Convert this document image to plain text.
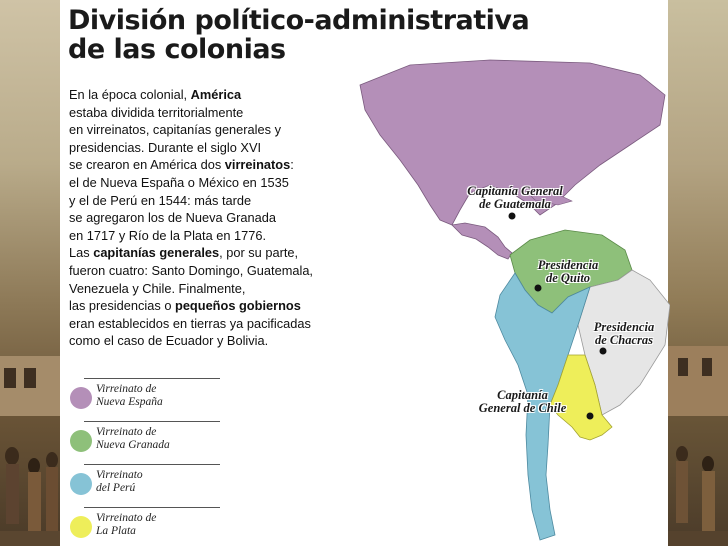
División político-administrativa
de las colonias

En la época colonial, América

estaba dividida territorialmente

en virreinatos, capitanías generales y

presidencias. Durante el siglo XVI

se crearon en América dos virreinatos:

el de Nueva España o México en 1535

y el de Perú en 1544: más tarde

se agregaron los de Nueva Granada

en 1717 y Río de la Plata en 1776.

Las capitanías generales, por su parte,

fueron cuatro: Santo Domingo, Guatemala,

Venezuela y Chile. Finalmente,

las presidencias o pequeños gobiernos

eran establecidos en tierras ya pacificadas

como el caso de Ecuador y Bolivia.

Virreinato de
Nueva España
Virreinato de
Nueva Granada
Virreinato
del Perú
Virreinato de
La Plata
Capitanía General
de Guatemala
Presidencia
de Quito
Presidencia
de Chacras
Capitanía
General de Chile
